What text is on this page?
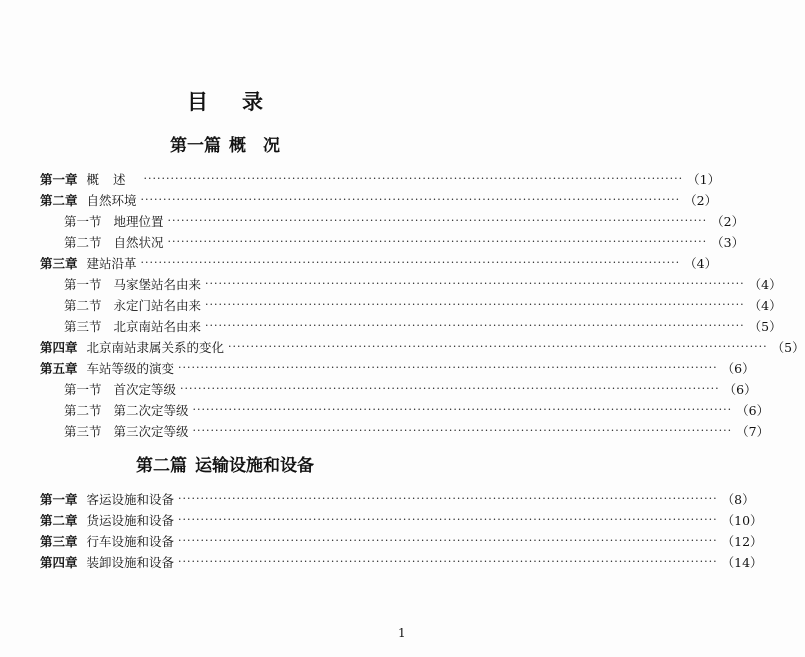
目 录
第一篇 概　况
第一章 概述 ························································································································ （1）
第二章 自然环境 ························································································································ （2）
第一节 地理位置 ························································································································ （2）
第二节 自然状况 ························································································································ （3）
第三章 建站沿革 ························································································································ （4）
第一节 马家堡站名由来 ························································································································ （4）
第二节 永定门站名由来 ························································································································ （4）
第三节 北京南站名由来 ························································································································ （5）
第四章 北京南站隶属关系的变化 ························································································································ （5）
第五章 车站等级的演变 ························································································································ （6）
第一节 首次定等级 ························································································································ （6）
第二节 第二次定等级 ························································································································ （6）
第三节 第三次定等级 ························································································································ （7）
第二篇 运输设施和设备
第一章 客运设施和设备 ························································································································ （8）
第二章 货运设施和设备 ························································································································ （10）
第三章 行车设施和设备 ························································································································ （12）
第四章 装卸设施和设备 ························································································································ （14）
1
